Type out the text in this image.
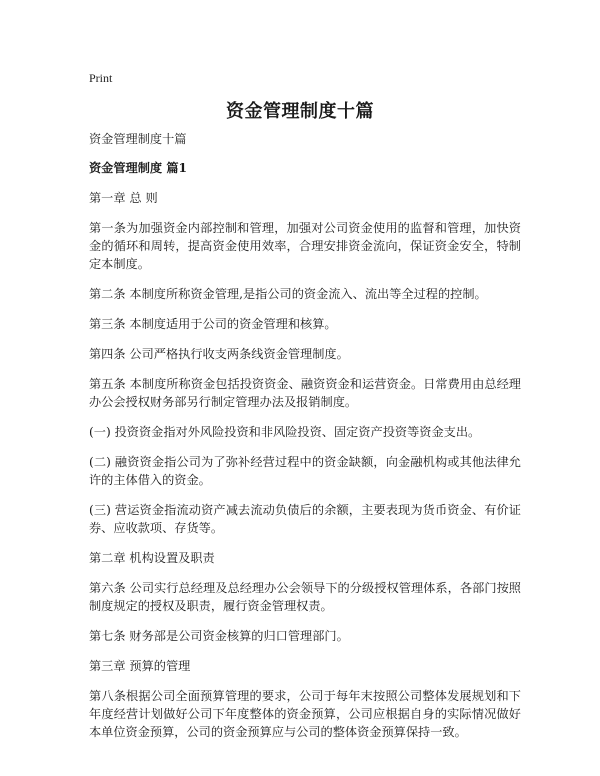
Print
资金管理制度十篇

资金管理制度十篇

资金管理制度 篇1

第一章 总 则

第一条为加强资金内部控制和管理，加强对公司资金使用的监督和管理，加快资金的循环和周转，提高资金使用效率，合理安排资金流向，保证资金安全，特制定本制度。

第二条 本制度所称资金管理,是指公司的资金流入、流出等全过程的控制。

第三条 本制度适用于公司的资金管理和核算。

第四条 公司严格执行收支两条线资金管理制度。

第五条 本制度所称资金包括投资资金、融资资金和运营资金。日常费用由总经理办公会授权财务部另行制定管理办法及报销制度。

(一) 投资资金指对外风险投资和非风险投资、固定资产投资等资金支出。

(二) 融资资金指公司为了弥补经营过程中的资金缺额，向金融机构或其他法律允许的主体借入的资金。

(三) 营运资金指流动资产减去流动负债后的余额，主要表现为货币资金、有价证券、应收款项、存货等。

第二章 机构设置及职责

第六条 公司实行总经理及总经理办公会领导下的分级授权管理体系，各部门按照制度规定的授权及职责，履行资金管理权责。

第七条 财务部是公司资金核算的归口管理部门。

第三章 预算的管理

第八条根据公司全面预算管理的要求，公司于每年末按照公司整体发展规划和下年度经营计划做好公司下年度整体的资金预算，公司应根据自身的实际情况做好本单位资金预算，公司的资金预算应与公司的整体资金预算保持一致。
